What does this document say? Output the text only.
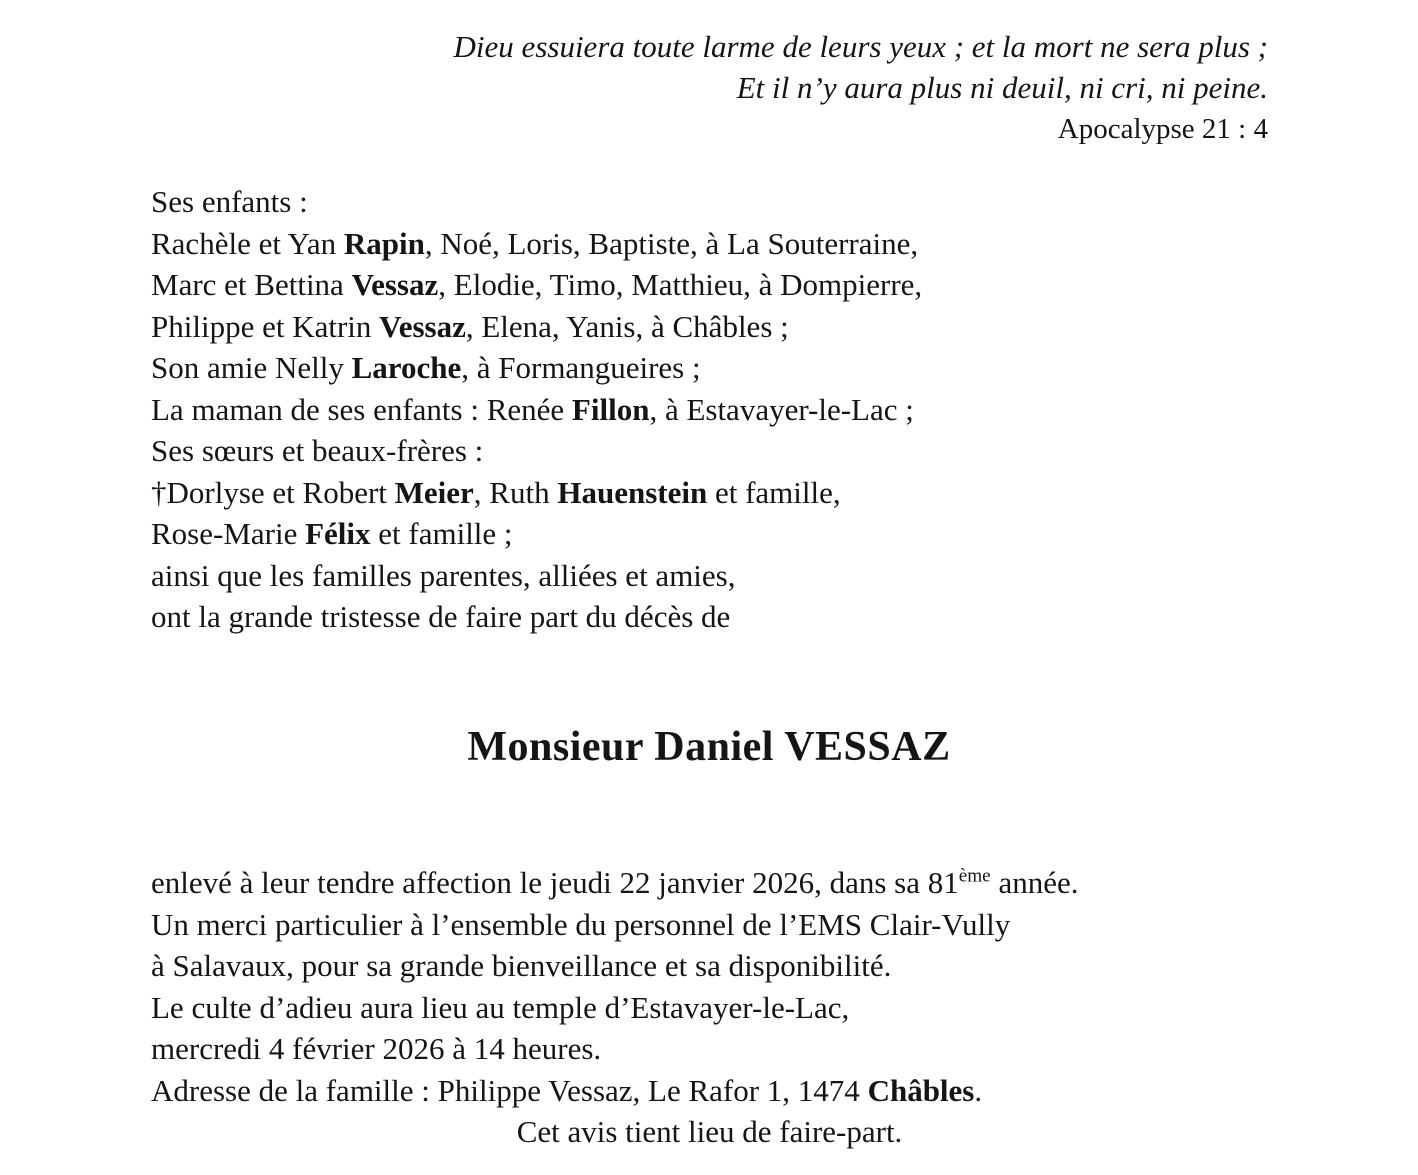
Dieu essuiera toute larme de leurs yeux ; et la mort ne sera plus ;
Et il n’y aura plus ni deuil, ni cri, ni peine.
Apocalypse 21 : 4
Ses enfants :
Rachèle et Yan Rapin, Noé, Loris, Baptiste, à La Souterraine,
Marc et Bettina Vessaz, Elodie, Timo, Matthieu, à Dompierre,
Philippe et Katrin Vessaz, Elena, Yanis, à Châbles ;
Son amie Nelly Laroche, à Formangueires ;
La maman de ses enfants : Renée Fillon, à Estavayer-le-Lac ;
Ses sœurs et beaux-frères :
†Dorlyse et Robert Meier, Ruth Hauenstein et famille,
Rose-Marie Félix et famille ;
ainsi que les familles parentes, alliées et amies,
ont la grande tristesse de faire part du décès de
Monsieur Daniel VESSAZ
enlevé à leur tendre affection le jeudi 22 janvier 2026, dans sa 81ème année.
Un merci particulier à l’ensemble du personnel de l’EMS Clair-Vully
à Salavaux, pour sa grande bienveillance et sa disponibilité.
Le culte d’adieu aura lieu au temple d’Estavayer-le-Lac,
mercredi 4 février 2026 à 14 heures.
Adresse de la famille : Philippe Vessaz, Le Rafor 1, 1474 Châbles.
Cet avis tient lieu de faire-part.
